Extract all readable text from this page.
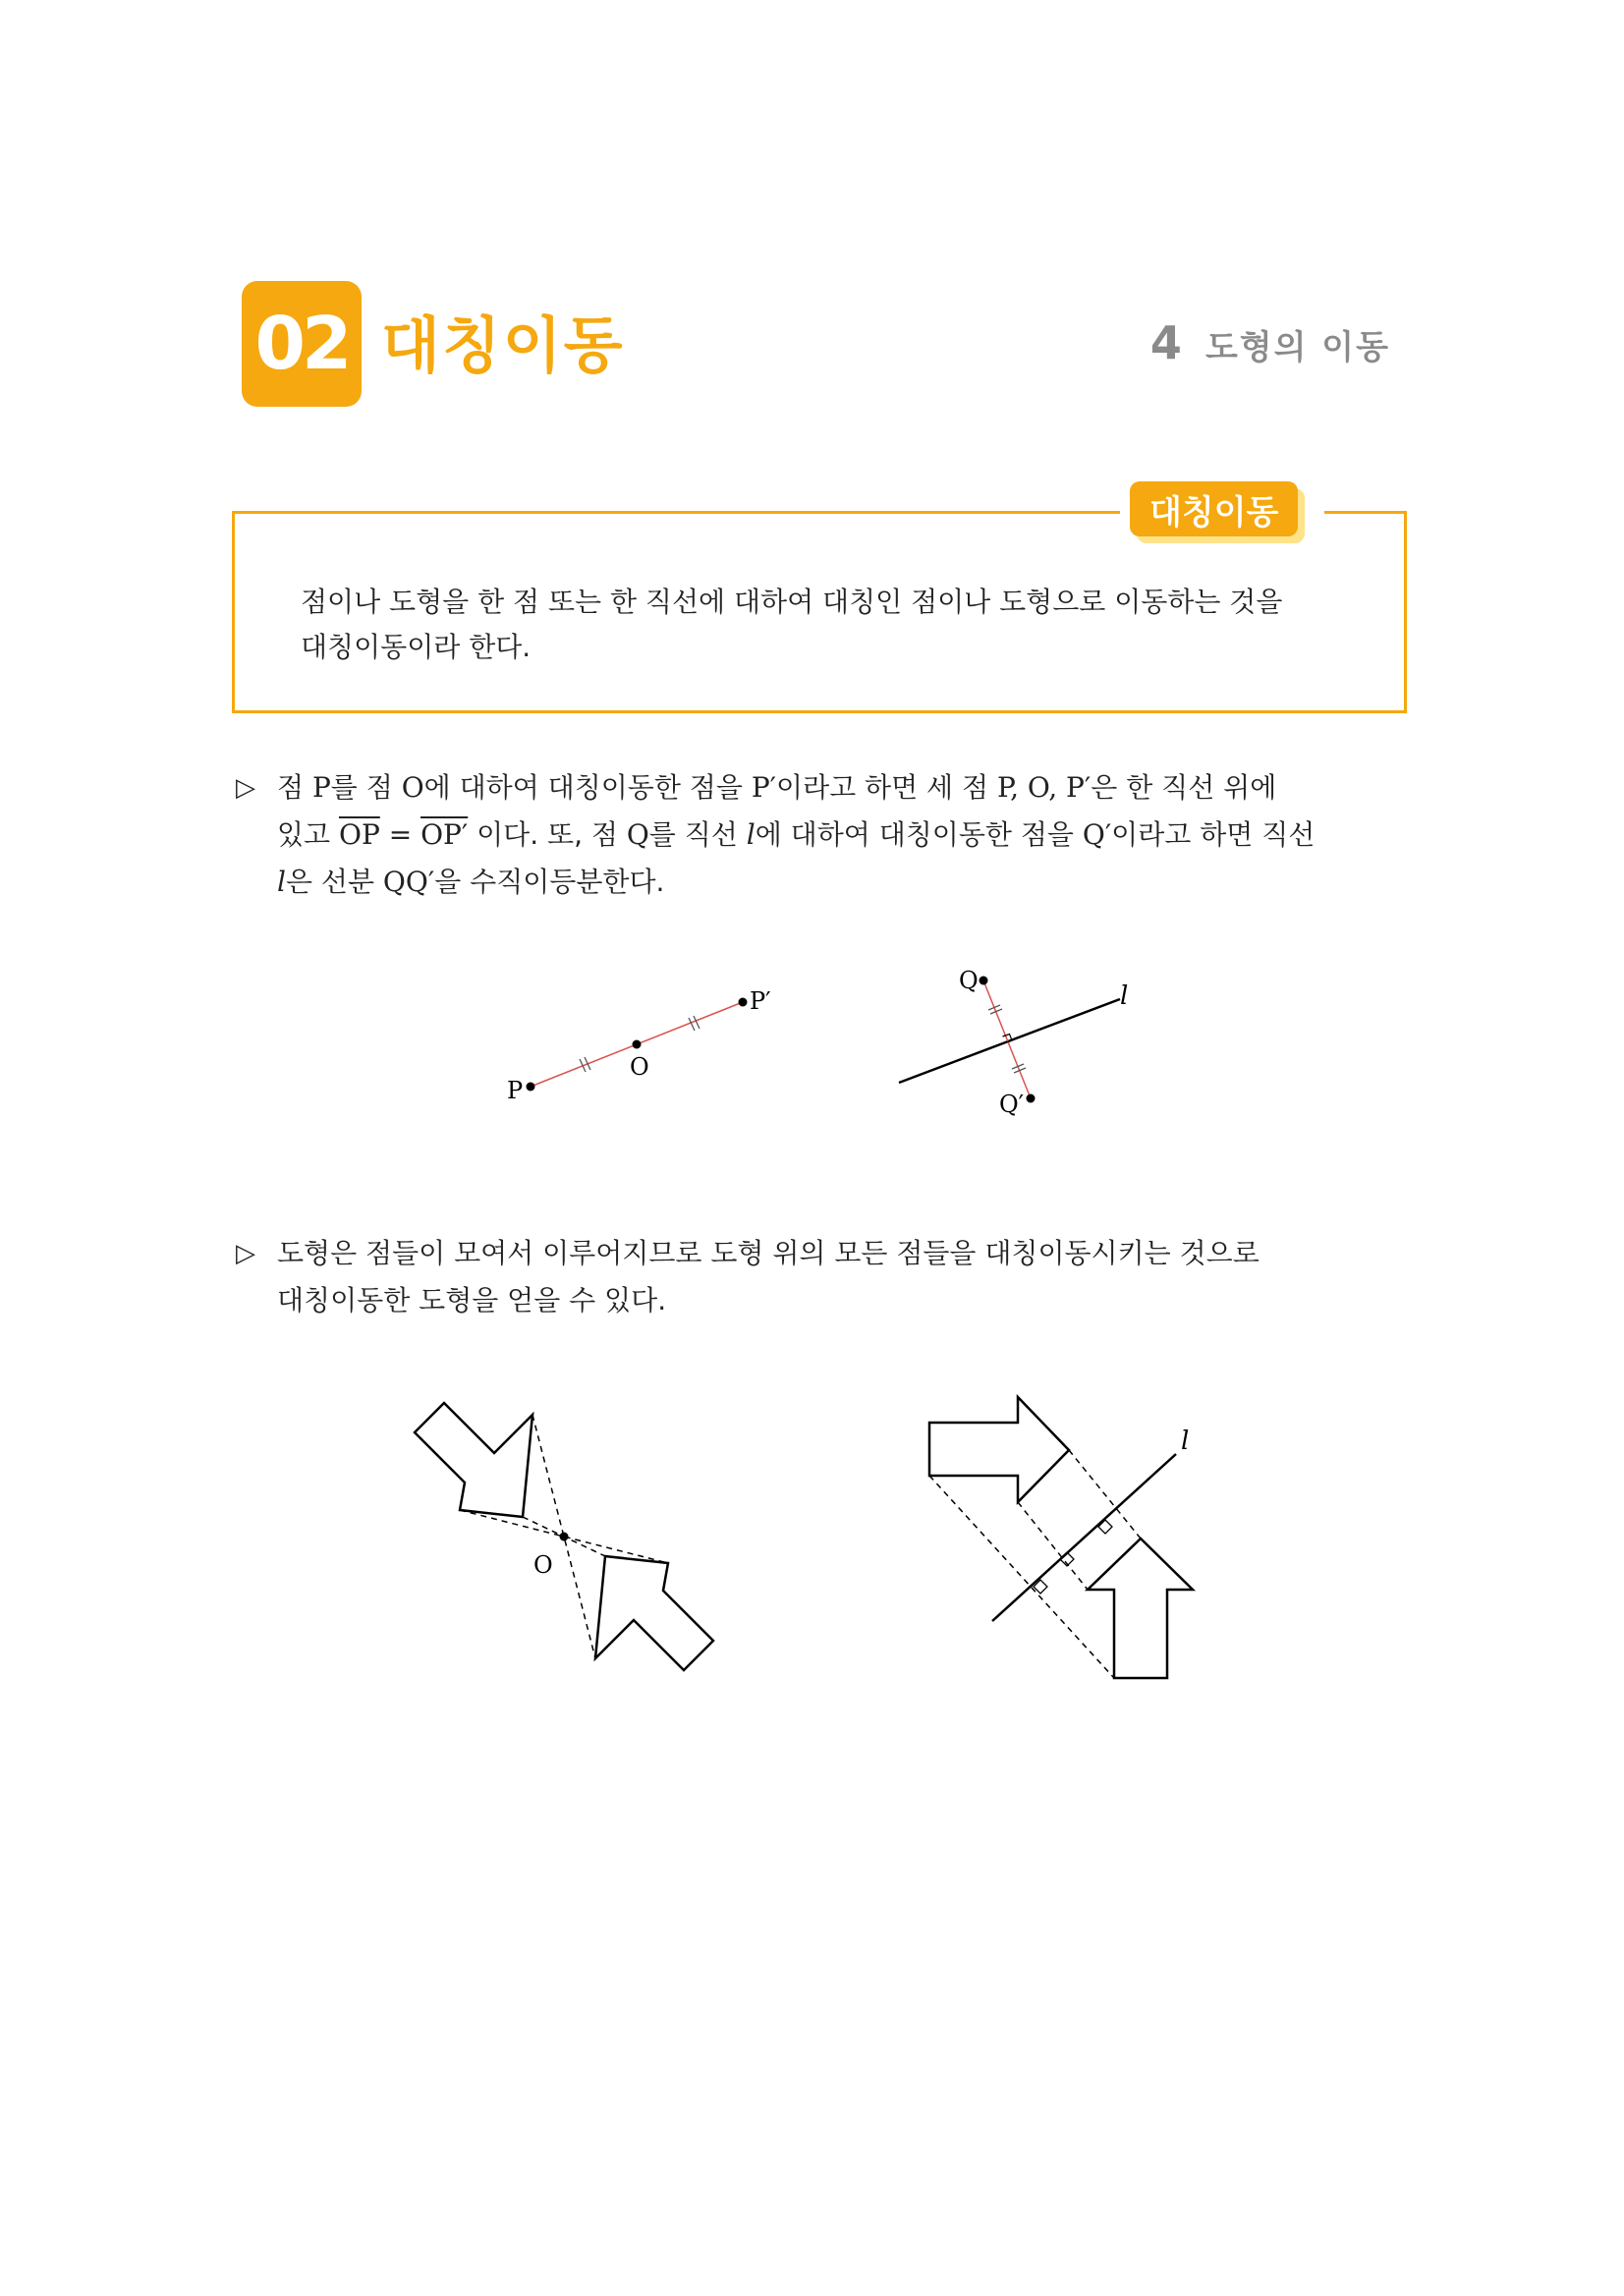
02 대칭이동	4 도형의 이동
대칭이동
점이나 도형을 한 점 또는 한 직선에 대하여 대칭인 점이나 도형으로 이동하는 것을
대칭이동이라 한다.
▷ 점 P를 점 O에 대하여 대칭이동한 점을 P′이라고 하면 세 점 P, O, P′은 한 직선 위에
있고 $\overline{OP} = OP'$ 이다. 또, 점 Q를 직선 l에 대하여 대칭이동한 점을 Q′이라고 하면 직선
l은 선분 QQ′을 수직이등분한다.
P
O
P′
Q
Q′
l
▷ 도형은 점들이 모여서 이루어지므로 도형 위의 모든 점들을 대칭이동시키는 것으로
대칭이동한 도형을 얻을 수 있다.
O
l
